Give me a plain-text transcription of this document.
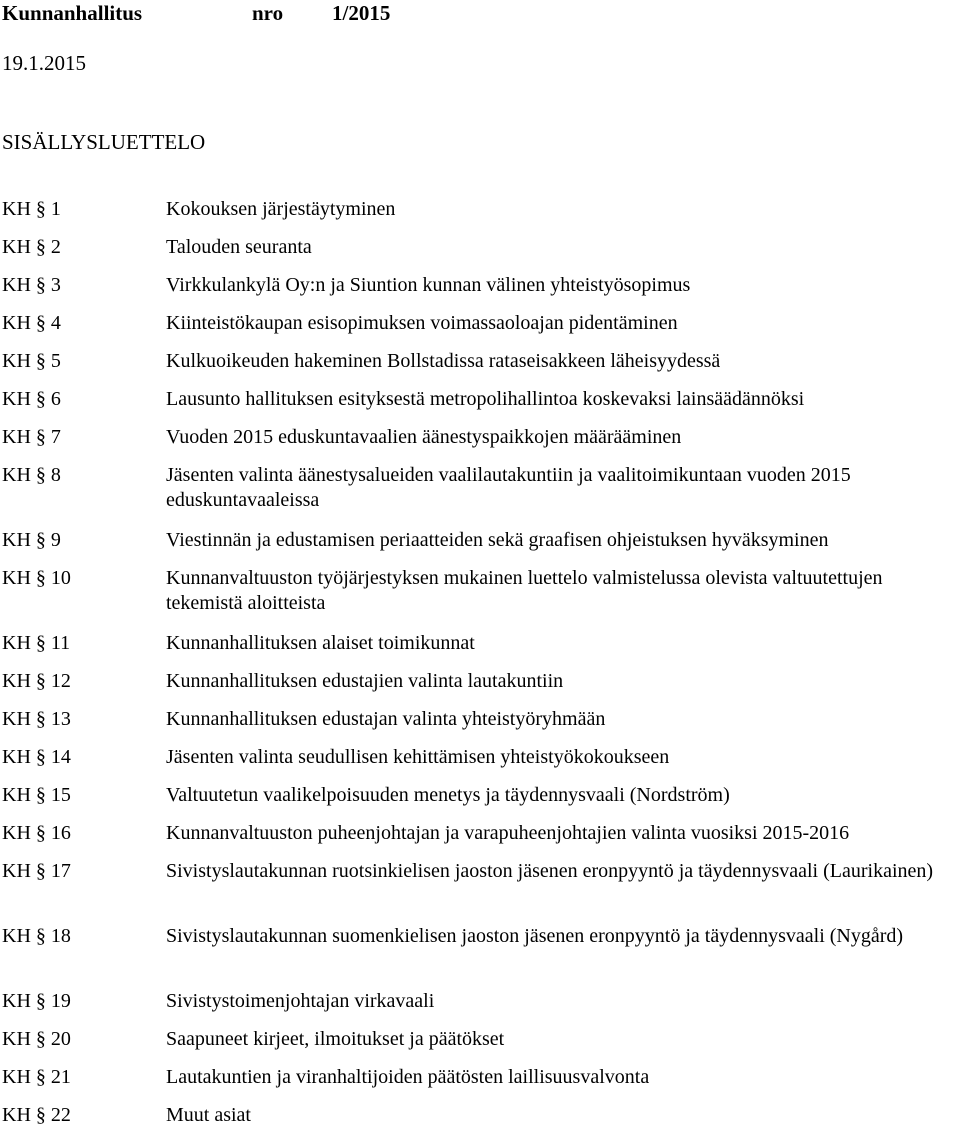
Kunnanhallitus	nro 1/2015
19.1.2015
SISÄLLYSLUETTELO
KH § 1	Kokouksen järjestäytyminen
KH § 2	Talouden seuranta
KH § 3	Virkkulankylä Oy:n ja Siuntion kunnan välinen yhteistyösopimus
KH § 4	Kiinteistökaupan esisopimuksen voimassaoloajan pidentäminen
KH § 5	Kulkuoikeuden hakeminen Bollstadissa rataseisakkeen läheisyydessä
KH § 6	Lausunto hallituksen esityksestä metropolihallintoa koskevaksi lainsäädännöksi
KH § 7	Vuoden 2015 eduskuntavaalien äänestyspaikkojen määrääminen
KH § 8	Jäsenten valinta äänestysalueiden vaalilautakuntiin ja vaalitoimikuntaan vuoden 2015 eduskuntavaaleissa
KH § 9	Viestinnän ja edustamisen periaatteiden sekä graafisen ohjeistuksen hyväksyminen
KH § 10	Kunnanvaltuuston työjärjestyksen mukainen luettelo valmistelussa olevista valtuutettujen tekemistä aloitteista
KH § 11	Kunnanhallituksen alaiset toimikunnat
KH § 12	Kunnanhallituksen edustajien valinta lautakuntiin
KH § 13	Kunnanhallituksen edustajan valinta yhteistyöryhmään
KH § 14	Jäsenten valinta seudullisen kehittämisen yhteistyökokoukseen
KH § 15	Valtuutetun vaalikelpoisuuden menetys ja täydennysvaali (Nordström)
KH § 16	Kunnanvaltuuston puheenjohtajan ja varapuheenjohtajien valinta vuosiksi 2015-2016
KH § 17	Sivistyslautakunnan ruotsinkielisen jaoston jäsenen eronpyyntö ja täydennysvaali (Laurikainen)
KH § 18	Sivistyslautakunnan suomenkielisen jaoston jäsenen eronpyyntö ja täydennysvaali (Nygård)
KH § 19	Sivistystoimenjohtajan virkavaali
KH § 20	Saapuneet kirjeet, ilmoitukset ja päätökset
KH § 21	Lautakuntien ja viranhaltijoiden päätösten laillisuusvalvonta
KH § 22	Muut asiat
